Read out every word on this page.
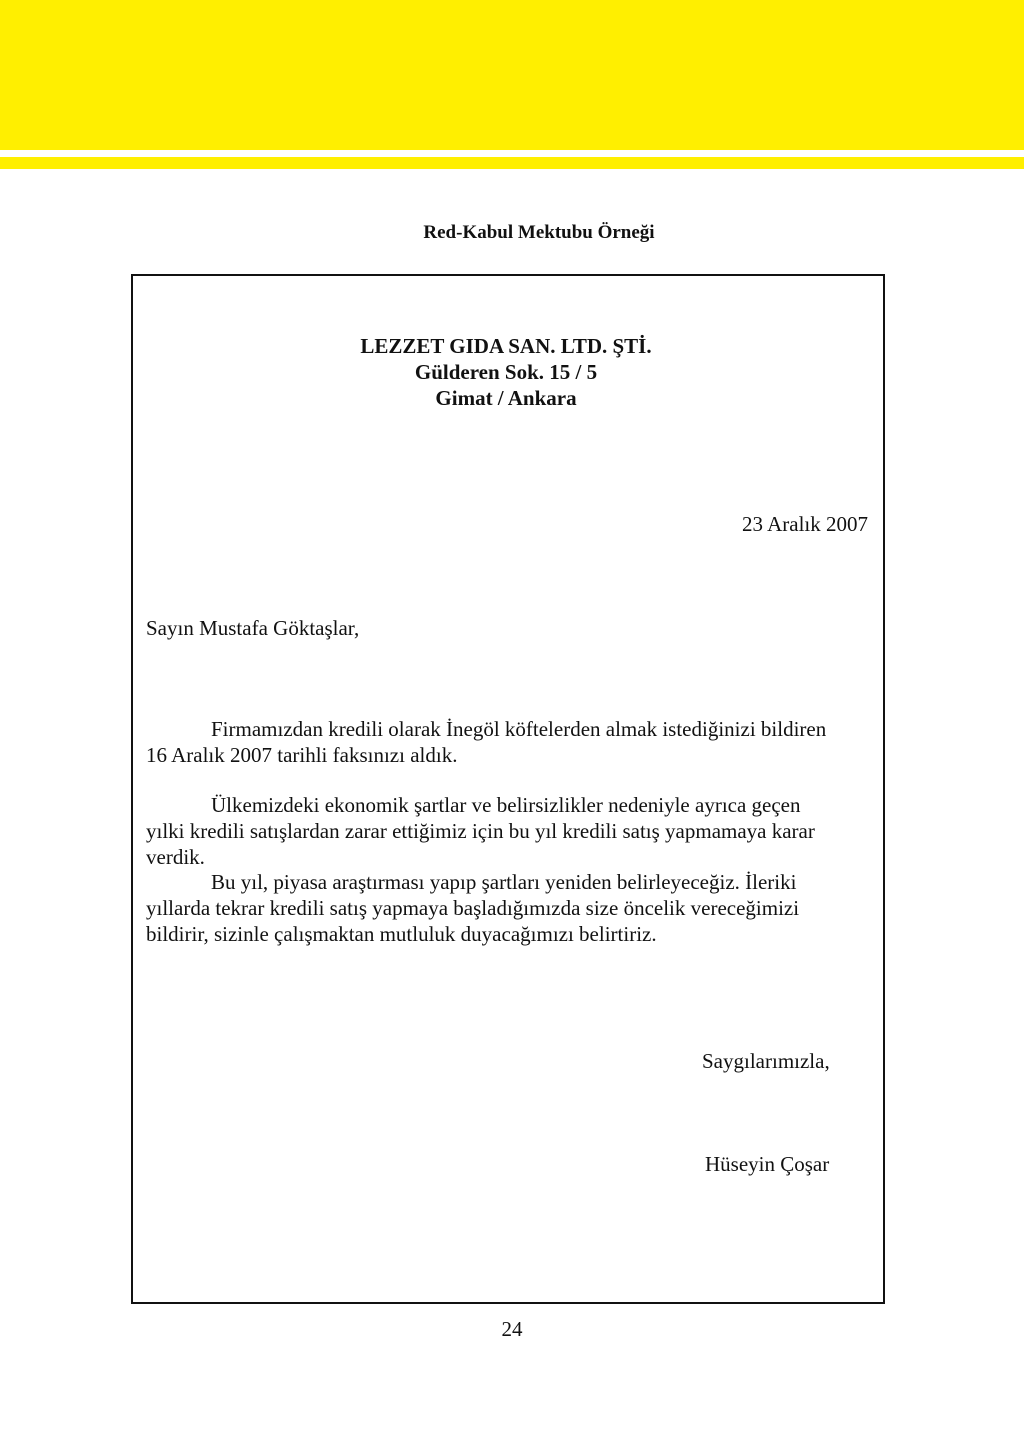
Red-Kabul Mektubu Örneği
LEZZET GIDA SAN. LTD. ŞTİ.
Gülderen Sok. 15 / 5
Gimat / Ankara
23 Aralık 2007
Sayın Mustafa Göktaşlar,
Firmamızdan kredili olarak İnegöl köftelerden almak istediğinizi bildiren
16 Aralık 2007 tarihli faksınızı aldık.
Ülkemizdeki ekonomik şartlar ve belirsizlikler nedeniyle ayrıca geçen
yılki kredili satışlardan zarar ettiğimiz için bu yıl kredili satış yapmamaya karar
verdik.
Bu yıl, piyasa araştırması yapıp şartları yeniden belirleyeceğiz. İleriki
yıllarda tekrar kredili satış yapmaya başladığımızda size öncelik vereceğimizi
bildirir, sizinle çalışmaktan mutluluk duyacağımızı belirtiriz.
Saygılarımızla,
Hüseyin Çoşar
24
